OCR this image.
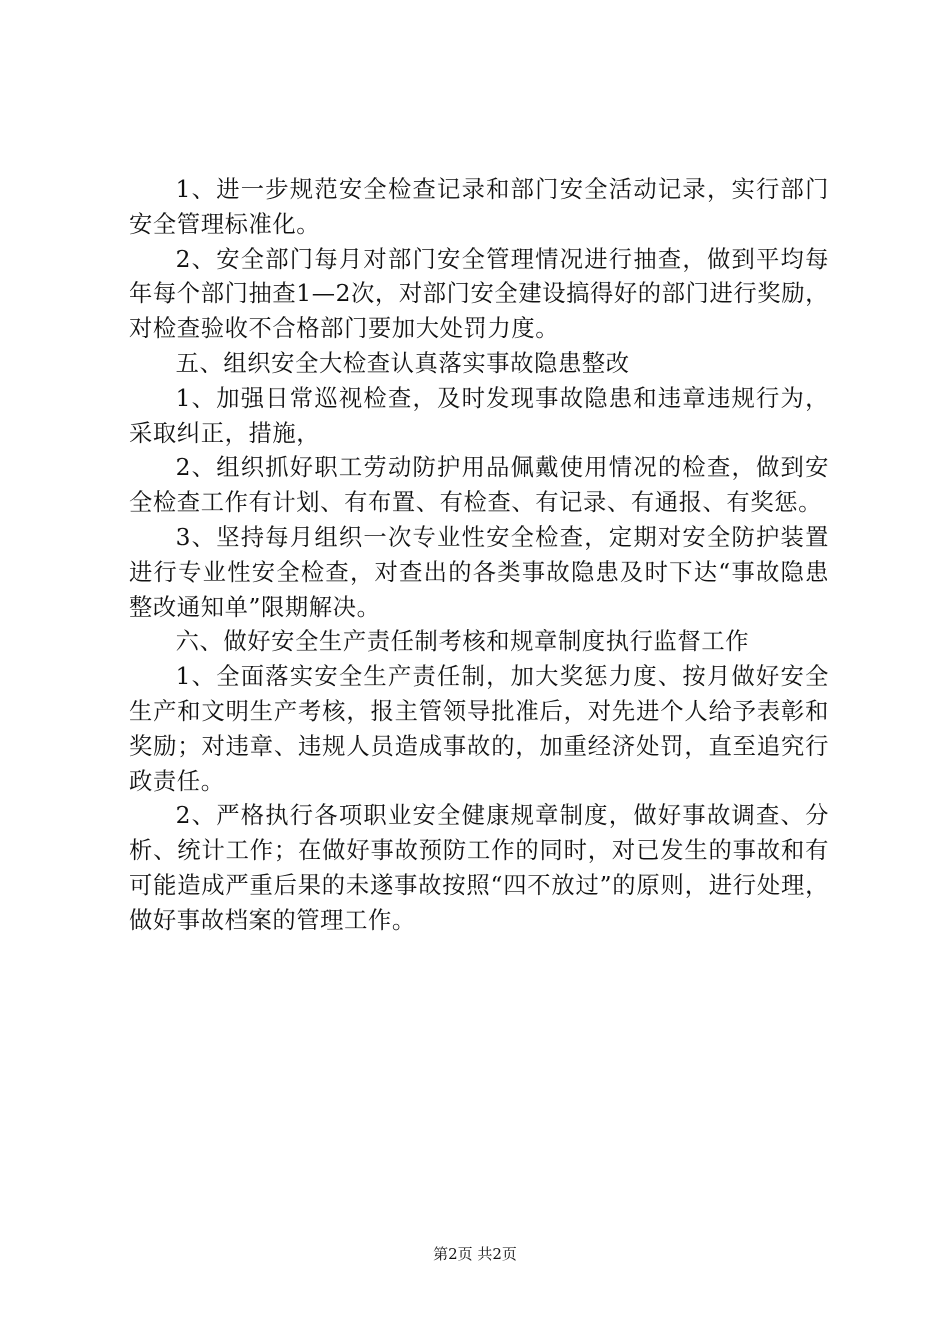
1、进一步规范安全检查记录和部门安全活动记录，实行部门安全管理标准化。

2、安全部门每月对部门安全管理情况进行抽查，做到平均每年每个部门抽查1—2次，对部门安全建设搞得好的部门进行奖励，对检查验收不合格部门要加大处罚力度。

五、组织安全大检查认真落实事故隐患整改

1、加强日常巡视检查，及时发现事故隐患和违章违规行为，采取纠正，措施，

2、组织抓好职工劳动防护用品佩戴使用情况的检查，做到安全检查工作有计划、有布置、有检查、有记录、有通报、有奖惩。

3、坚持每月组织一次专业性安全检查，定期对安全防护装置进行专业性安全检查，对查出的各类事故隐患及时下达“事故隐患整改通知单”限期解决。

六、做好安全生产责任制考核和规章制度执行监督工作

1、全面落实安全生产责任制，加大奖惩力度、按月做好安全生产和文明生产考核，报主管领导批准后，对先进个人给予表彰和奖励；对违章、违规人员造成事故的，加重经济处罚，直至追究行政责任。

2、严格执行各项职业安全健康规章制度，做好事故调查、分析、统计工作；在做好事故预防工作的同时，对已发生的事故和有可能造成严重后果的未遂事故按照“四不放过”的原则，进行处理，做好事故档案的管理工作。

第2页 共2页
